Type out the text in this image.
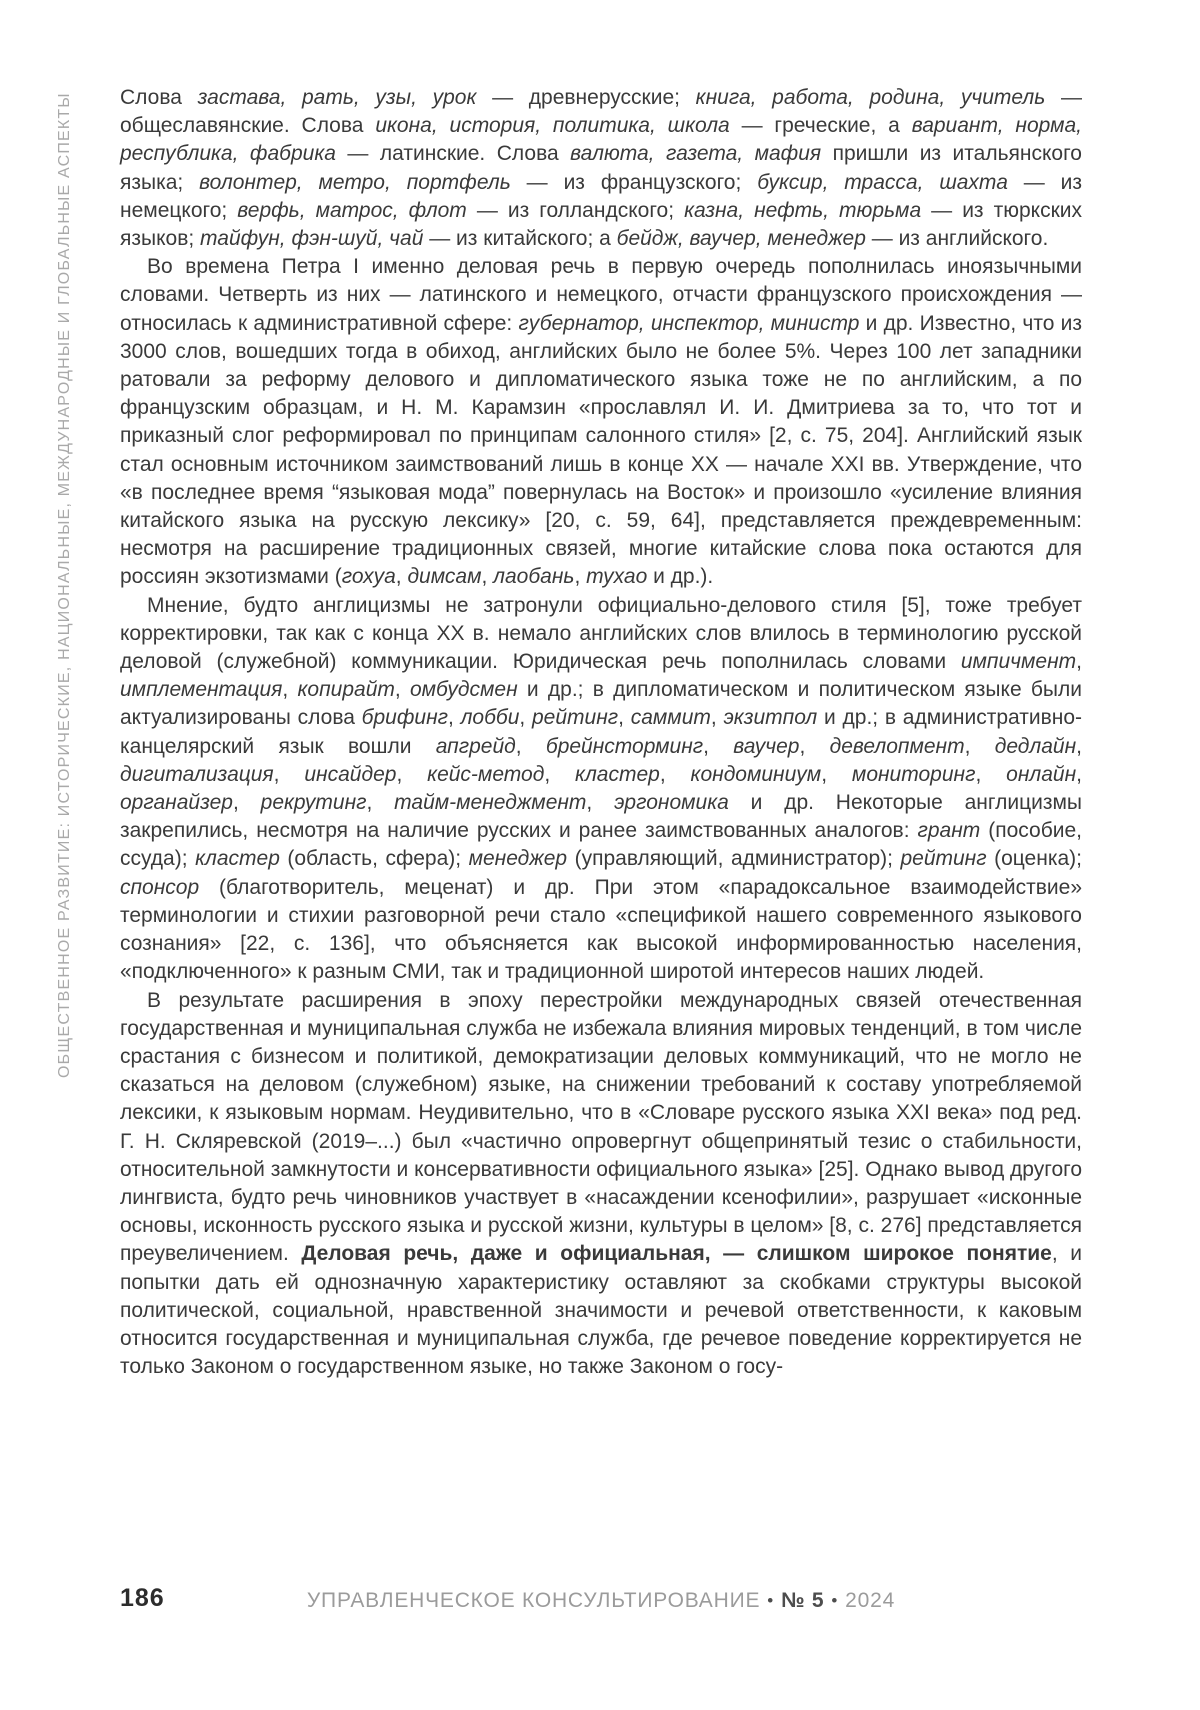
ОБЩЕСТВЕННОЕ РАЗВИТИЕ: ИСТОРИЧЕСКИЕ, НАЦИОНАЛЬНЫЕ, МЕЖДУНАРОДНЫЕ И ГЛОБАЛЬНЫЕ АСПЕКТЫ Слова застава, рать, узы, урок — древнерусские; книга, работа, родина, учитель — общеславянские. Слова икона, история, политика, школа — греческие, а вариант, норма, республика, фабрика — латинские. Слова валюта, газета, мафия пришли из итальянского языка; волонтер, метро, портфель — из французского; буксир, трасса, шахта — из немецкого; верфь, матрос, флот — из голландского; казна, нефть, тюрьма — из тюркских языков; тайфун, фэн-шуй, чай — из китайского; а бейдж, ваучер, менеджер — из английского.

Во времена Петра I именно деловая речь в первую очередь пополнилась иноязычными словами. Четверть из них — латинского и немецкого, отчасти французского происхождения — относилась к административной сфере: губернатор, инспектор, министр и др. Известно, что из 3000 слов, вошедших тогда в обиход, английских было не более 5%. Через 100 лет западники ратовали за реформу делового и дипломатического языка тоже не по английским, а по французским образцам, и Н. М. Карамзин «прославлял И. И. Дмитриева за то, что тот и приказный слог реформировал по принципам салонного стиля» [2, с. 75, 204]. Английский язык стал основным источником заимствований лишь в конце XX — начале XXI вв. Утверждение, что «в последнее время “языковая мода” повернулась на Восток» и произошло «усиление влияния китайского языка на русскую лексику» [20, с. 59, 64], представляется преждевременным: несмотря на расширение традиционных связей, многие китайские слова пока остаются для россиян экзотизмами (гохуа, димсам, лаобань, тухао и др.).

Мнение, будто англицизмы не затронули официально-делового стиля [5], тоже требует корректировки, так как с конца XX в. немало английских слов влилось в терминологию русской деловой (служебной) коммуникации. Юридическая речь пополнилась словами импичмент, имплементация, копирайт, омбудсмен и др.; в дипломатическом и политическом языке были актуализированы слова брифинг, лобби, рейтинг, саммит, экзитпол и др.; в административно-канцелярский язык вошли апгрейд, брейнсторминг, ваучер, девелопмент, дедлайн, дигитализация, инсайдер, кейс-метод, кластер, кондоминиум, мониторинг, онлайн, органайзер, рекрутинг, тайм-менеджмент, эргономика и др. Некоторые англицизмы закрепились, несмотря на наличие русских и ранее заимствованных аналогов: грант (пособие, ссуда); кластер (область, сфера); менеджер (управляющий, администратор); рейтинг (оценка); спонсор (благотворитель, меценат) и др. При этом «парадоксальное взаимодействие» терминологии и стихии разговорной речи стало «спецификой нашего современного языкового сознания» [22, с. 136], что объясняется как высокой информированностью населения, «подключенного» к разным СМИ, так и традиционной широтой интересов наших людей.

В результате расширения в эпоху перестройки международных связей отечественная государственная и муниципальная служба не избежала влияния мировых тенденций, в том числе срастания с бизнесом и политикой, демократизации деловых коммуникаций, что не могло не сказаться на деловом (служебном) языке, на снижении требований к составу употребляемой лексики, к языковым нормам. Неудивительно, что в «Словаре русского языка XXI века» под ред. Г. Н. Скляревской (2019–...) был «частично опровергнут общепринятый тезис о стабильности, относительной замкнутости и консервативности официального языка» [25]. Однако вывод другого лингвиста, будто речь чиновников участвует в «насаждении ксенофилии», разрушает «исконные основы, исконность русского языка и русской жизни, культуры в целом» [8, с. 276] представляется преувеличением. Деловая речь, даже и официальная, — слишком широкое понятие, и попытки дать ей однозначную характеристику оставляют за скобками структуры высокой политической, социальной, нравственной значимости и речевой ответственности, к каковым относится государственная и муниципальная служба, где речевое поведение корректируется не только Законом о государственном языке, но также Законом о госу-

186	УПРАВЛЕНЧЕСКОЕ КОНСУЛЬТИРОВАНИЕ • № 5 • 2024
